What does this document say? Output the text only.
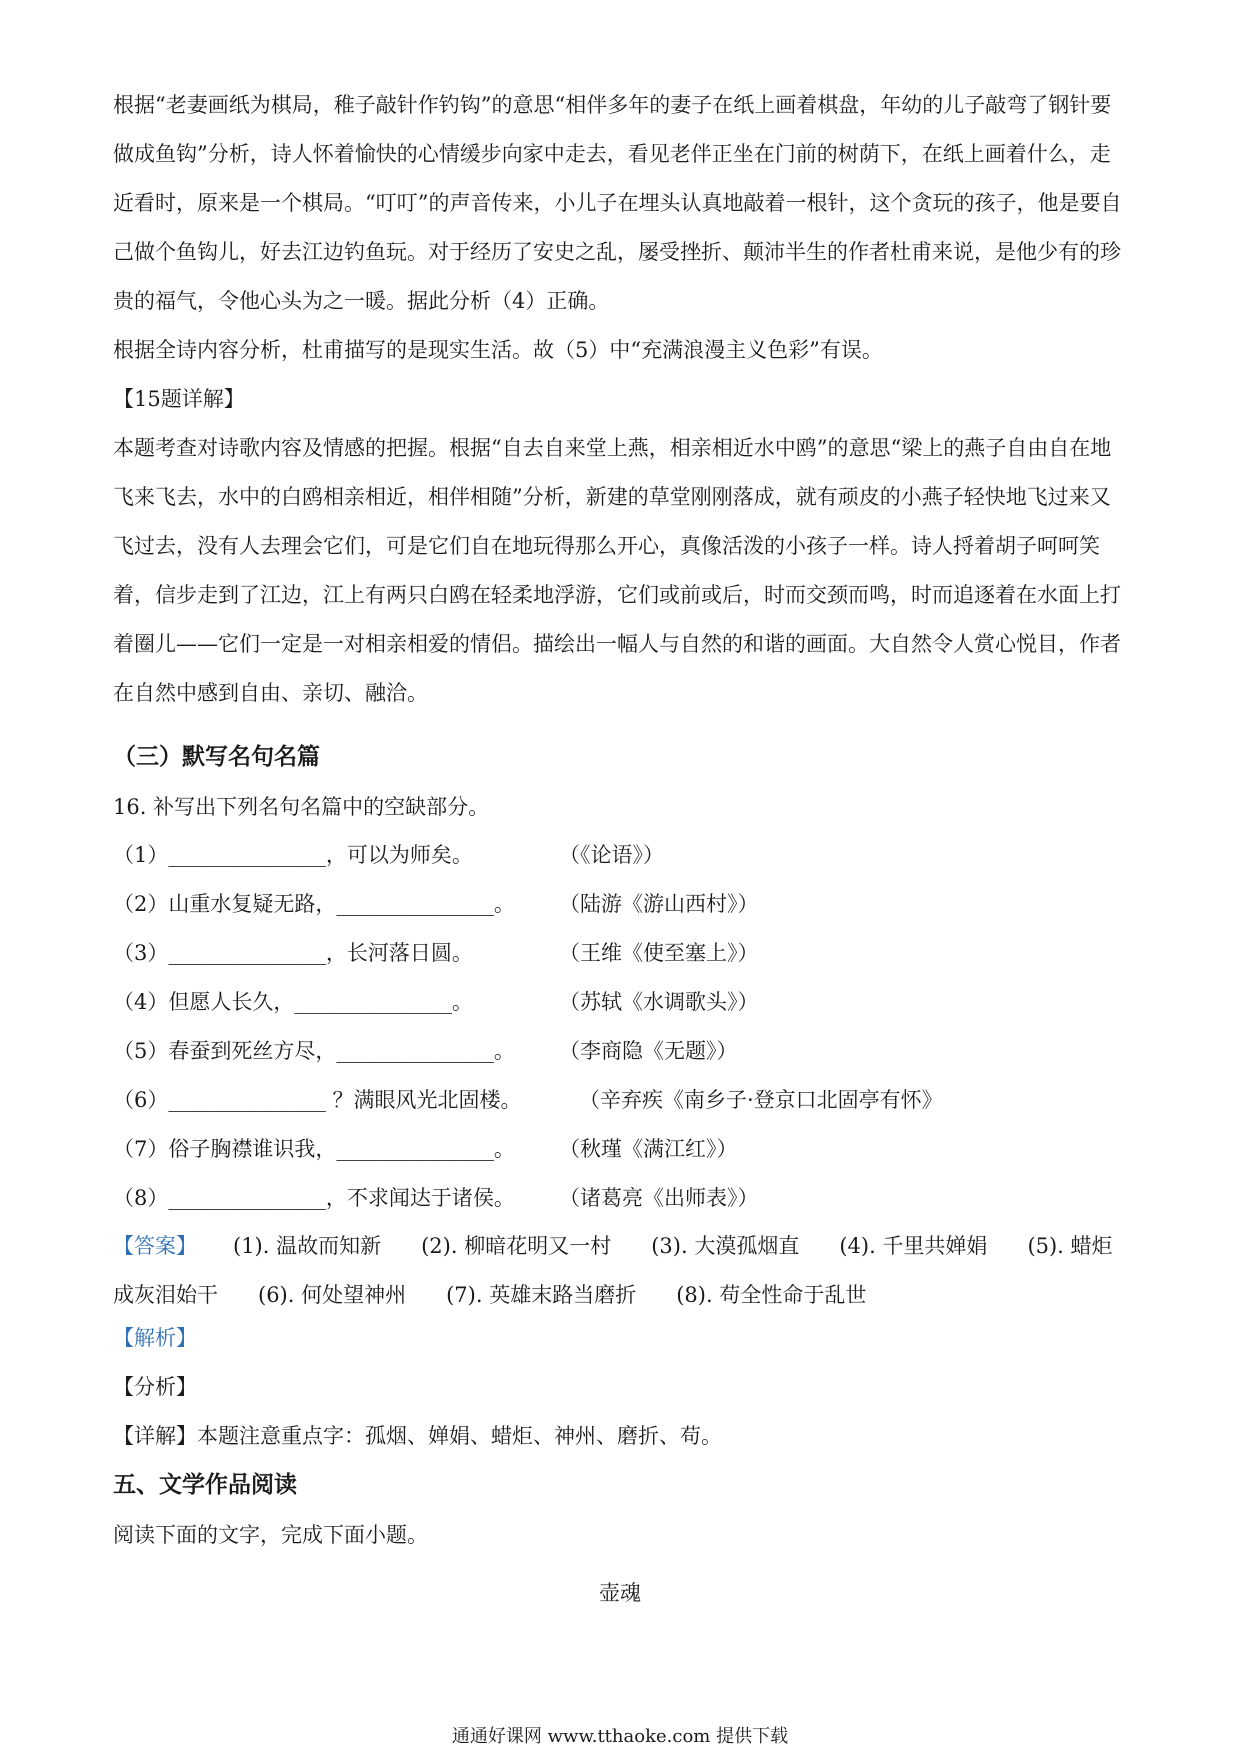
根据“老妻画纸为棋局，稚子敲针作钓钩”的意思“相伴多年的妻子在纸上画着棋盘，年幼的儿子敲弯了钢针要做成鱼钩”分析，诗人怀着愉快的心情缓步向家中走去，看见老伴正坐在门前的树荫下，在纸上画着什么，走近看时，原来是一个棋局。“叮叮”的声音传来，小儿子在埋头认真地敲着一根针，这个贪玩的孩子，他是要自己做个鱼钩儿，好去江边钓鱼玩。对于经历了安史之乱，屡受挫折、颠沛半生的作者杜甫来说，是他少有的珍贵的福气，令他心头为之一暖。据此分析（4）正确。

根据全诗内容分析，杜甫描写的是现实生活。故（5）中“充满浪漫主义色彩”有误。

【15题详解】

本题考查对诗歌内容及情感的把握。根据“自去自来堂上燕，相亲相近水中鸥”的意思“梁上的燕子自由自在地飞来飞去，水中的白鸥相亲相近，相伴相随”分析，新建的草堂刚刚落成，就有顽皮的小燕子轻快地飞过来又飞过去，没有人去理会它们，可是它们自在地玩得那么开心，真像活泼的小孩子一样。诗人捋着胡子呵呵笑着，信步走到了江边，江上有两只白鸥在轻柔地浮游，它们或前或后，时而交颈而鸣，时而追逐着在水面上打着圈儿——它们一定是一对相亲相爱的情侣。描绘出一幅人与自然的和谐的画面。大自然令人赏心悦目，作者在自然中感到自由、亲切、融洽。

（三）默写名句名篇
16. 补写出下列名句名篇中的空缺部分。
（1）_______________，可以为师矣。	（《论语》）
（2）山重水复疑无路，_______________。 （陆游《游山西村》）
（3）_______________，长河落日圆。	（王维《使至塞上》）
（4）但愿人长久，_______________。	（苏轼《水调歌头》）
（5）春蚕到死丝方尽，_______________。 （李商隐《无题》）
（6）_______________ ？满眼风光北固楼。	（辛弃疾《南乡子·登京口北固亭有怀》
（7）俗子胸襟谁识我，_______________。 （秋瑾《满江红》）
（8）_______________，不求闻达于诸侯。 （诸葛亮《出师表》）

【答案】 (1). 温故而知新 (2). 柳暗花明又一村 (3). 大漠孤烟直 (4). 千里共婵娟 (5). 蜡炬成灰泪始干 (6). 何处望神州 (7). 英雄末路当磨折 (8). 苟全性命于乱世

【解析】
【分析】
【详解】本题注意重点字：孤烟、婵娟、蜡炬、神州、磨折、苟。
五、文学作品阅读
阅读下面的文字，完成下面小题。
壶魂
通通好课网 www.tthaoke.com 提供下载
